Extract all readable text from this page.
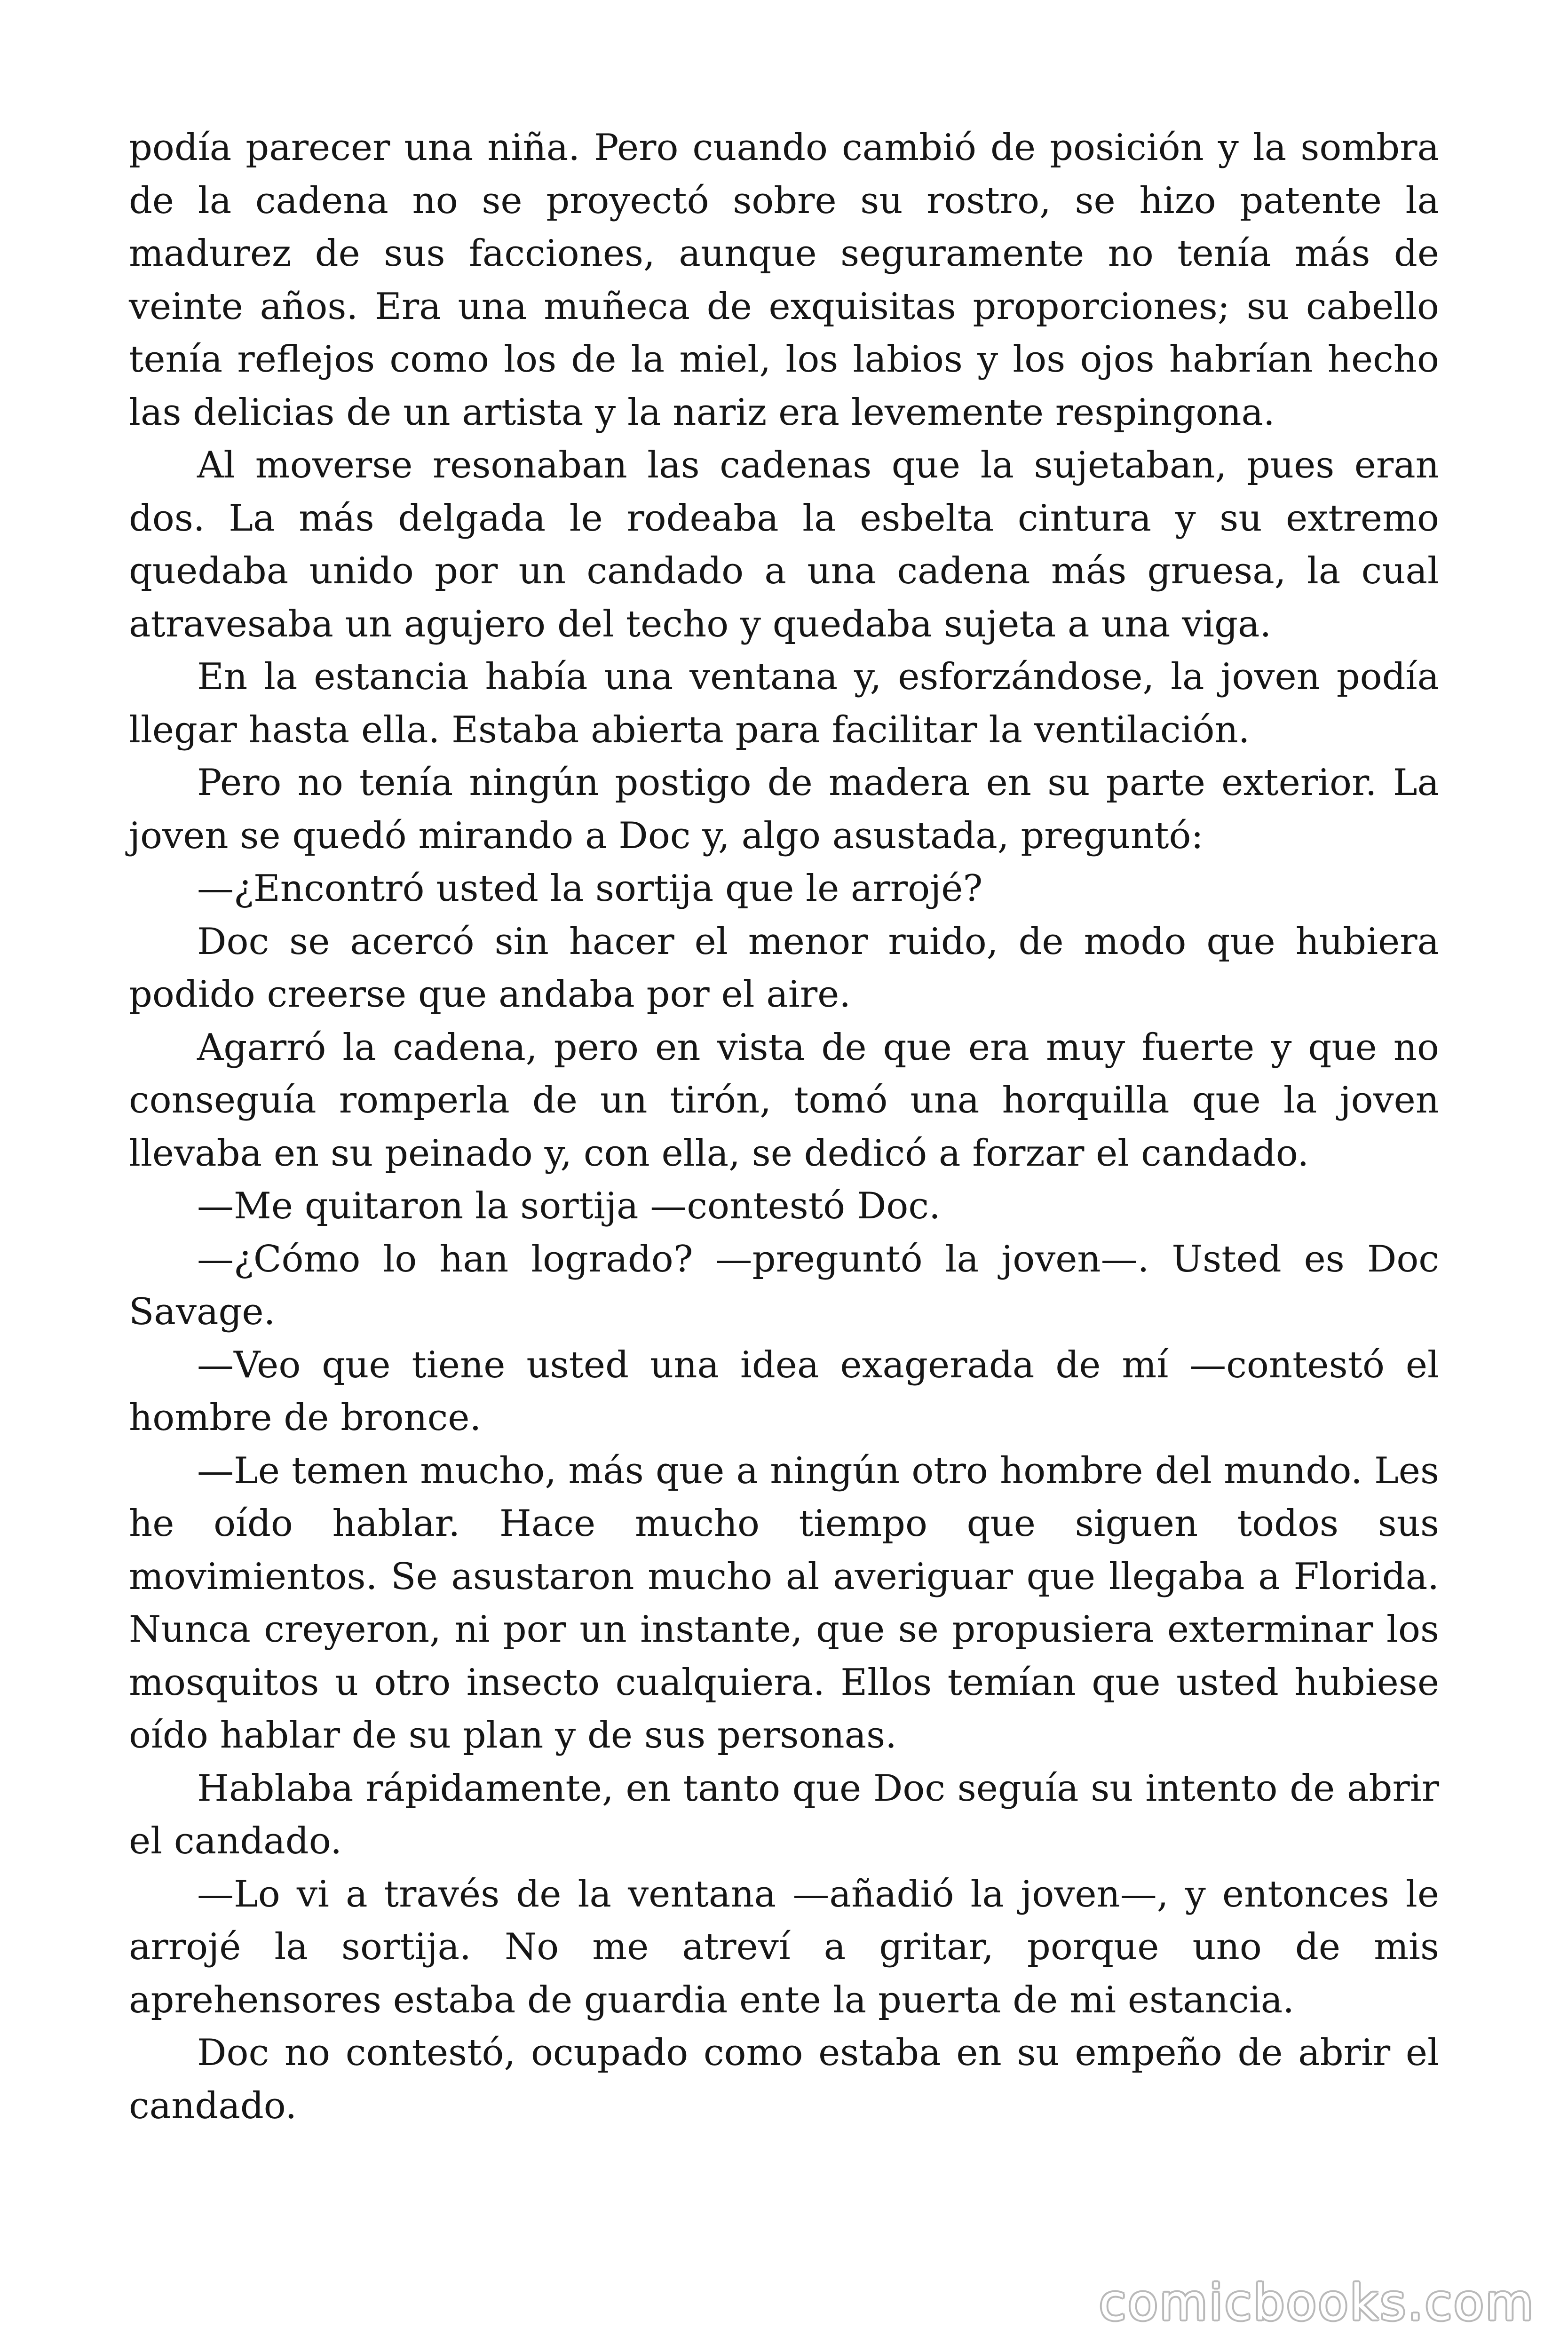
podía parecer una niña. Pero cuando cambió de posición y la sombra de la cadena no se proyectó sobre su rostro, se hizo patente la madurez de sus facciones, aunque seguramente no tenía más de veinte años. Era una muñeca de exquisitas proporciones; su cabello tenía reflejos como los de la miel, los labios y los ojos habrían hecho las delicias de un artista y la nariz era levemente respingona.

Al moverse resonaban las cadenas que la sujetaban, pues eran dos. La más delgada le rodeaba la esbelta cintura y su extremo quedaba unido por un candado a una cadena más gruesa, la cual atravesaba un agujero del techo y quedaba sujeta a una viga.

En la estancia había una ventana y, esforzándose, la joven podía llegar hasta ella. Estaba abierta para facilitar la ventilación.

Pero no tenía ningún postigo de madera en su parte exterior. La joven se quedó mirando a Doc y, algo asustada, preguntó:

—¿Encontró usted la sortija que le arrojé?

Doc se acercó sin hacer el menor ruido, de modo que hubiera podido creerse que andaba por el aire.

Agarró la cadena, pero en vista de que era muy fuerte y que no conseguía romperla de un tirón, tomó una horquilla que la joven llevaba en su peinado y, con ella, se dedicó a forzar el candado.

—Me quitaron la sortija —contestó Doc.

—¿Cómo lo han logrado? —preguntó la joven—. Usted es Doc Savage.

—Veo que tiene usted una idea exagerada de mí —contestó el hombre de bronce.

—Le temen mucho, más que a ningún otro hombre del mundo. Les he oído hablar. Hace mucho tiempo que siguen todos sus movimientos. Se asustaron mucho al averiguar que llegaba a Florida. Nunca creyeron, ni por un instante, que se propusiera exterminar los mosquitos u otro insecto cualquiera. Ellos temían que usted hubiese oído hablar de su plan y de sus personas.

Hablaba rápidamente, en tanto que Doc seguía su intento de abrir el candado.

—Lo vi a través de la ventana —añadió la joven—, y entonces le arrojé la sortija. No me atreví a gritar, porque uno de mis aprehensores estaba de guardia ente la puerta de mi estancia.

Doc no contestó, ocupado como estaba en su empeño de abrir el candado.

comicbooks.com
